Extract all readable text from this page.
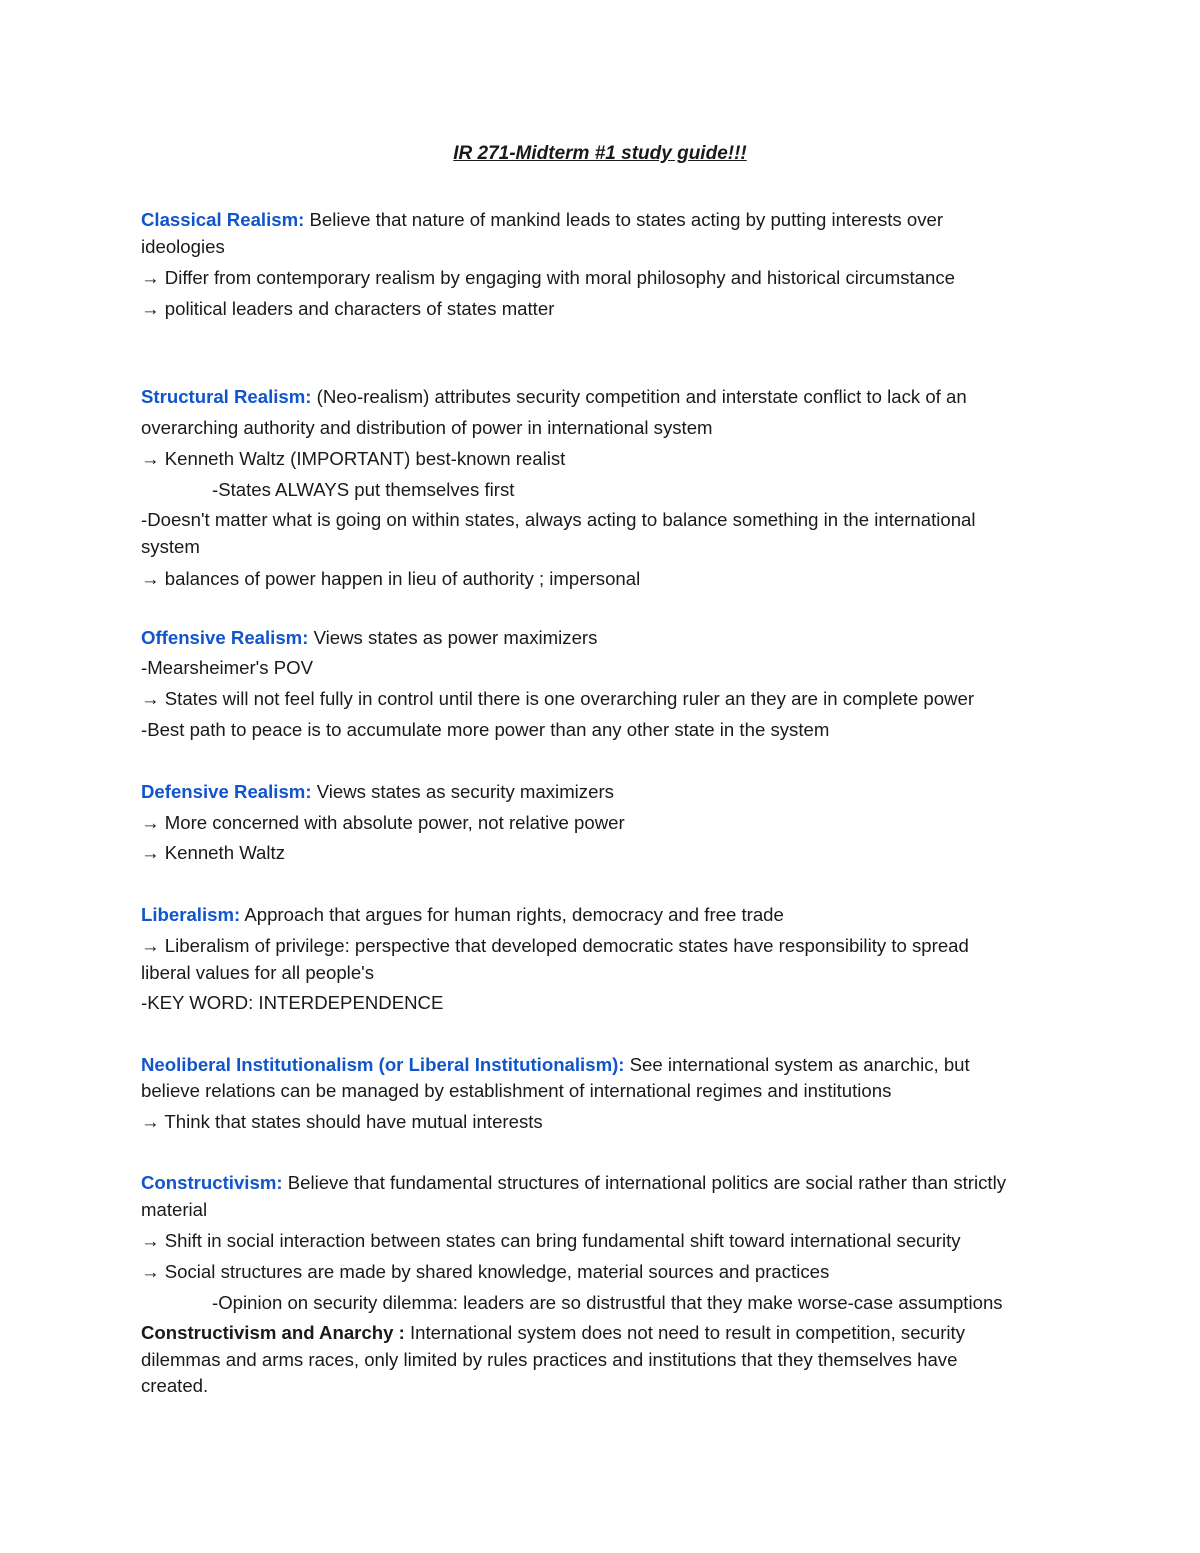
IR 271-Midterm #1 study guide!!!
Classical Realism: Believe that nature of mankind leads to states acting by putting interests over
ideologies
→ Differ from contemporary realism by engaging with moral philosophy and historical circumstance
→ political leaders and characters of states matter
Structural Realism: (Neo-realism) attributes security competition and interstate conflict to lack of an
overarching authority and distribution of power in international system
→ Kenneth Waltz (IMPORTANT) best-known realist
-States ALWAYS put themselves first
-Doesn't matter what is going on within states, always acting to balance something in the international
system
→ balances of power happen in lieu of authority ; impersonal
Offensive Realism: Views states as power maximizers
-Mearsheimer's POV
→ States will not feel fully in control until there is one overarching ruler an they are in complete power
-Best path to peace is to accumulate more power than any other state in the system
Defensive Realism: Views states as security maximizers
→ More concerned with absolute power, not relative power
→ Kenneth Waltz
Liberalism: Approach that argues for human rights, democracy and free trade
→ Liberalism of privilege: perspective that developed democratic states have responsibility to spread
liberal values for all people's
-KEY WORD: INTERDEPENDENCE
Neoliberal Institutionalism (or Liberal Institutionalism): See international system as anarchic, but
believe relations can be managed by establishment of international regimes and institutions
→ Think that states should have mutual interests
Constructivism: Believe that fundamental structures of international politics are social rather than strictly
material
→ Shift in social interaction between states can bring fundamental shift toward international security
→ Social structures are made by shared knowledge, material sources and practices
-Opinion on security dilemma: leaders are so distrustful that they make worse-case assumptions
Constructivism and Anarchy : International system does not need to result in competition, security
dilemmas and arms races, only limited by rules practices and institutions that they themselves have
created.
